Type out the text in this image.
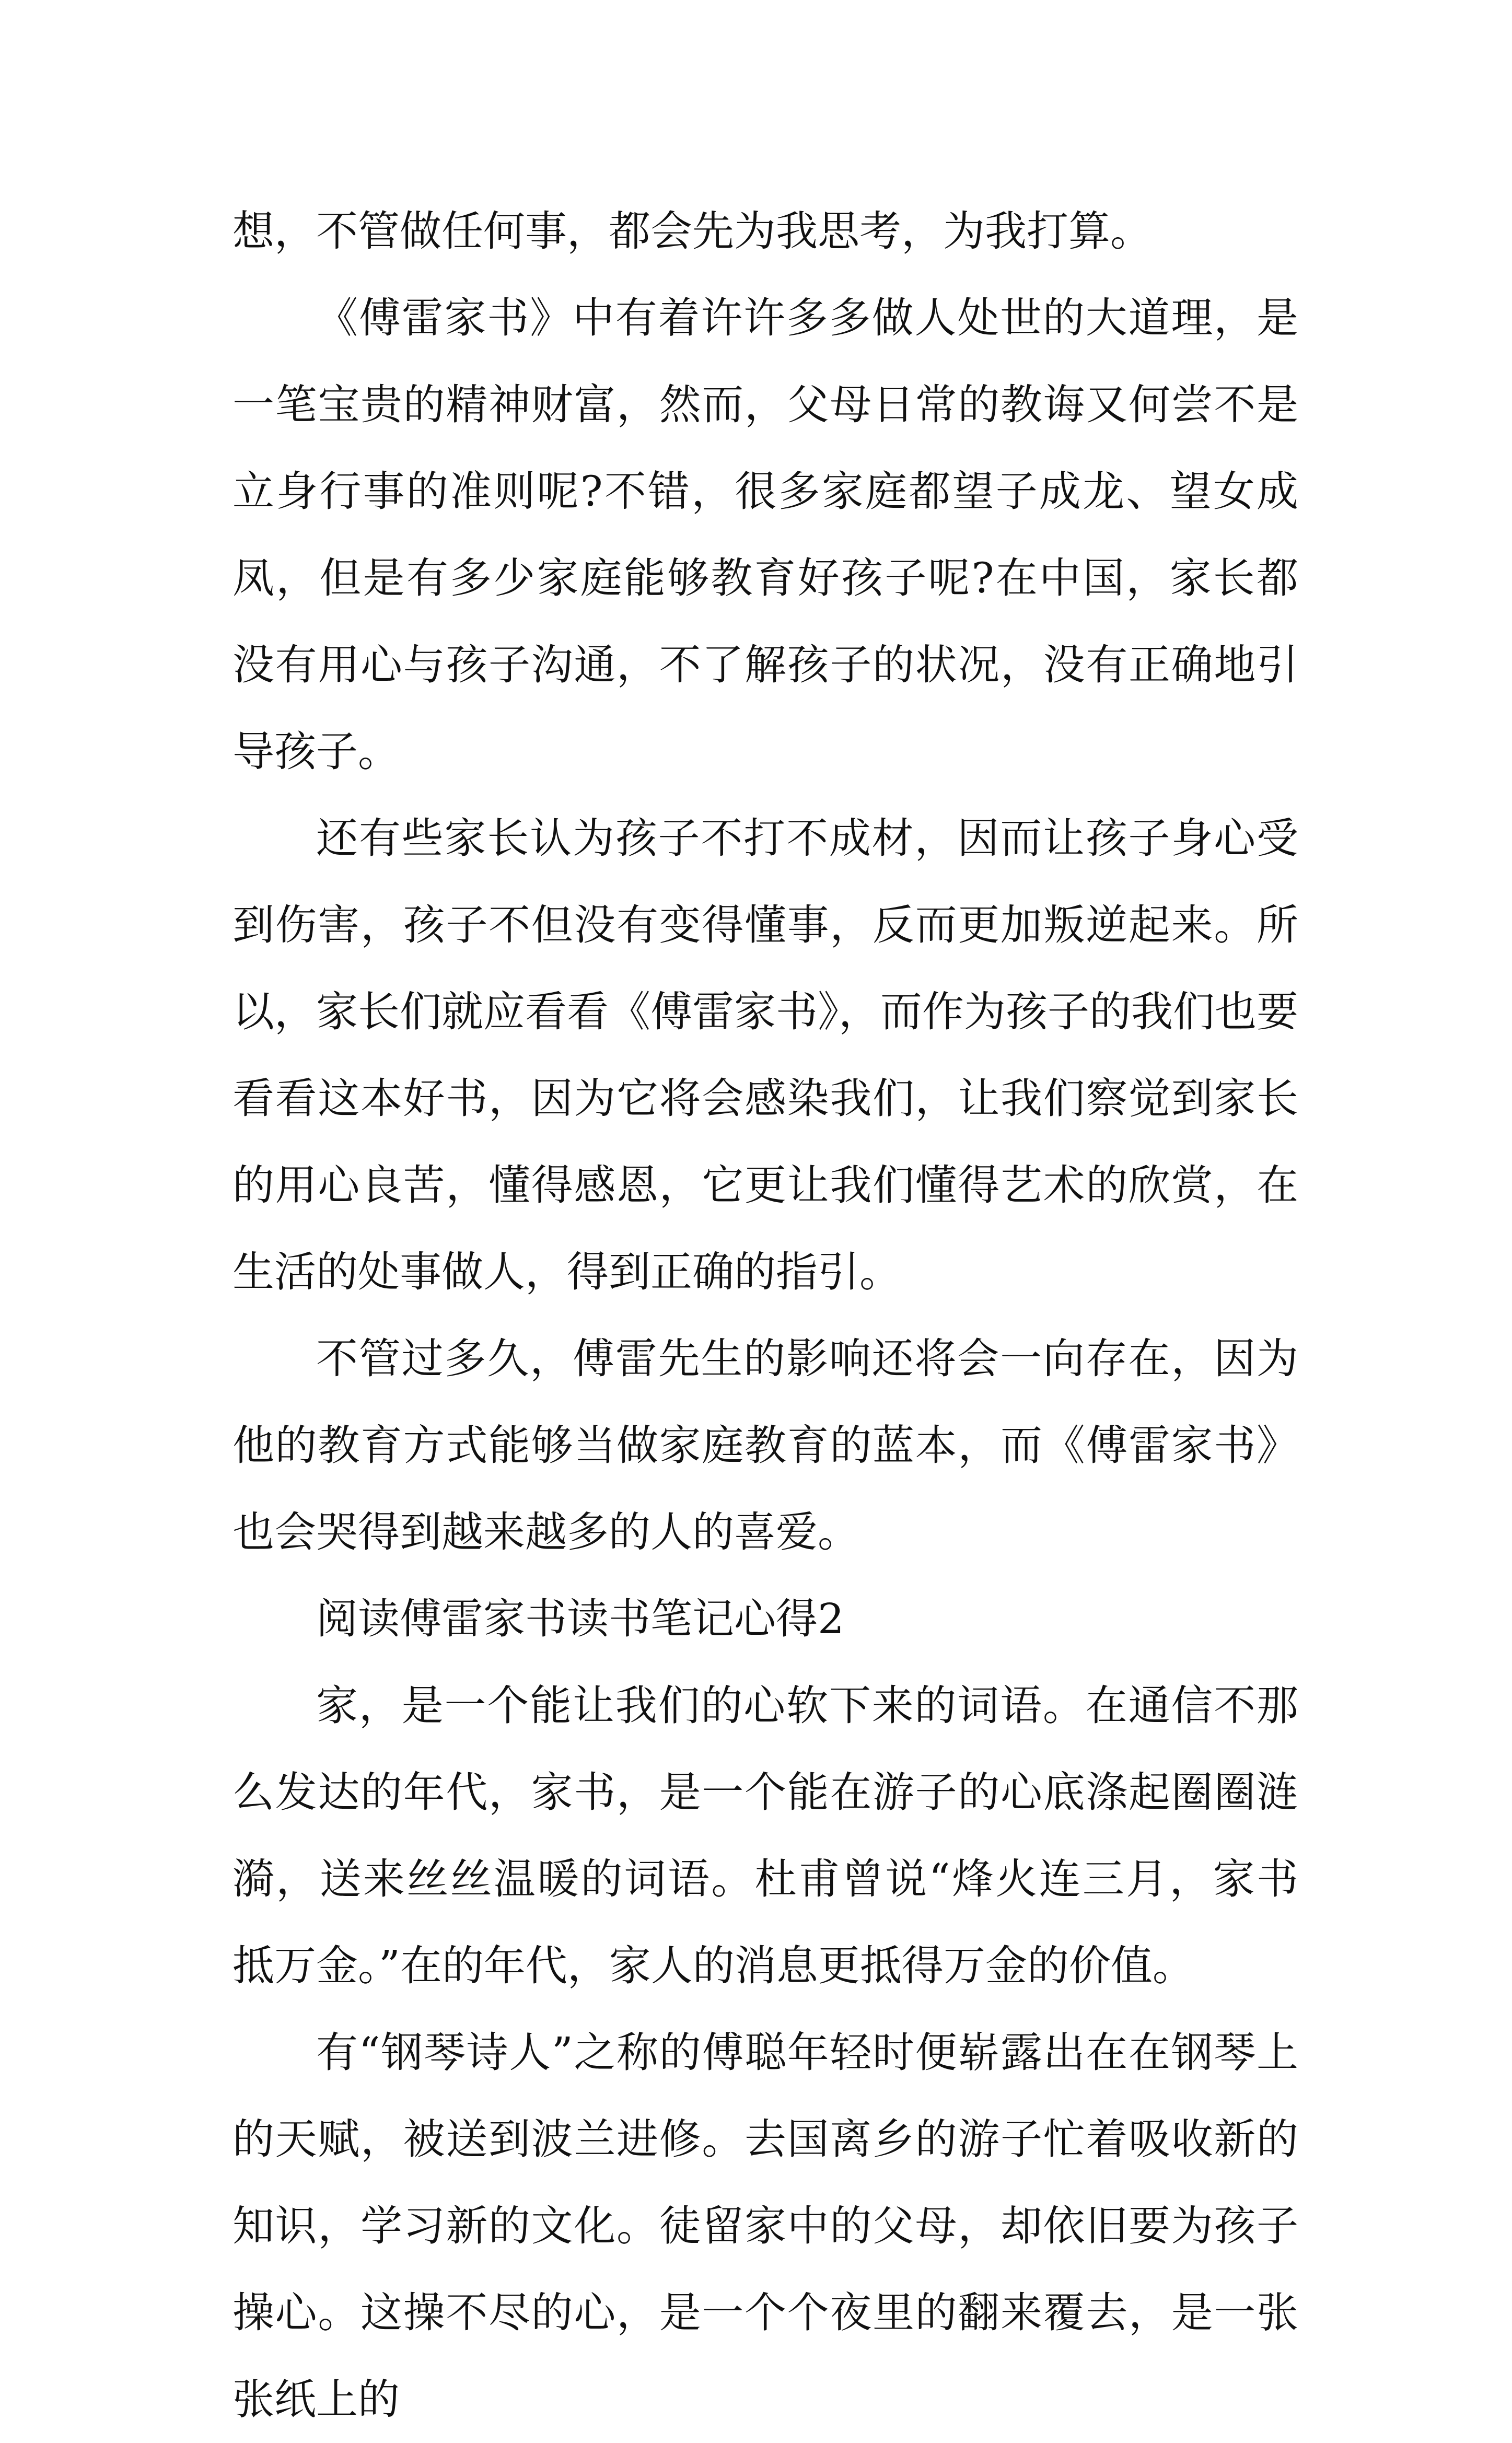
想，不管做任何事，都会先为我思考，为我打算。

《傅雷家书》中有着许许多多做人处世的大道理，是一笔宝贵的精神财富，然而，父母日常的教诲又何尝不是立身行事的准则呢?不错，很多家庭都望子成龙、望女成凤，但是有多少家庭能够教育好孩子呢?在中国，家长都没有用心与孩子沟通，不了解孩子的状况，没有正确地引导孩子。

还有些家长认为孩子不打不成材，因而让孩子身心受到伤害，孩子不但没有变得懂事，反而更加叛逆起来。所以，家长们就应看看《傅雷家书》，而作为孩子的我们也要看看这本好书，因为它将会感染我们，让我们察觉到家长的用心良苦，懂得感恩，它更让我们懂得艺术的欣赏，在生活的处事做人，得到正确的指引。

不管过多久，傅雷先生的影响还将会一向存在，因为他的教育方式能够当做家庭教育的蓝本，而《傅雷家书》也会哭得到越来越多的人的喜爱。

阅读傅雷家书读书笔记心得2

家，是一个能让我们的心软下来的词语。在通信不那么发达的年代，家书，是一个能在游子的心底涤起圈圈涟漪，送来丝丝温暖的词语。杜甫曾说“烽火连三月，家书抵万金。”在的年代，家人的消息更抵得万金的价值。

有“钢琴诗人”之称的傅聪年轻时便崭露出在在钢琴上的天赋，被送到波兰进修。去国离乡的游子忙着吸收新的知识，学习新的文化。徒留家中的父母，却依旧要为孩子操心。这操不尽的心，是一个个夜里的翻来覆去，是一张张纸上的
